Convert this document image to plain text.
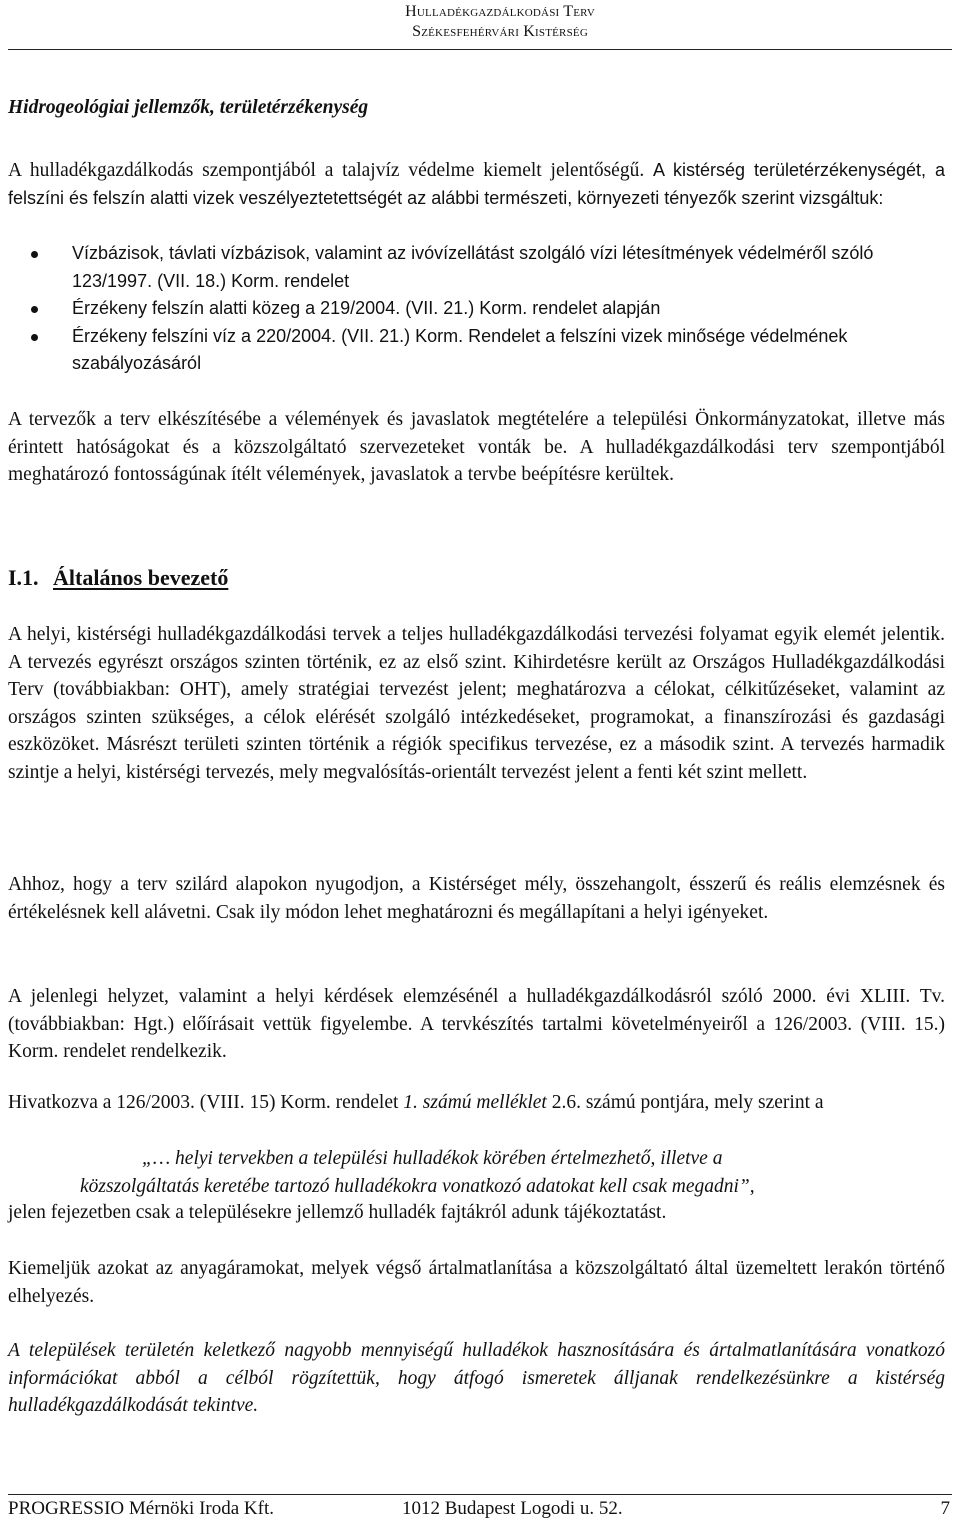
Hulladékgazdálkodási Terv
Székesfehérvári Kistérség
Hidrogeológiai jellemzők, területérzékenység

A hulladékgazdálkodás szempontjából a talajvíz védelme kiemelt jelentőségű. A kistérség területérzékenységét, a felszíni és felszín alatti vizek veszélyeztetettségét az alábbi természeti, környezeti tényezők szerint vizsgáltuk:

Vízbázisok, távlati vízbázisok, valamint az ivóvízellátást szolgáló vízi létesítmények védelméről szóló 123/1997. (VII. 18.) Korm. rendelet
Érzékeny felszín alatti közeg a 219/2004. (VII. 21.) Korm. rendelet alapján
Érzékeny felszíni víz a 220/2004. (VII. 21.) Korm. Rendelet a felszíni vizek minősége védelmének szabályozásáról

A tervezők a terv elkészítésébe a vélemények és javaslatok megtételére a települési Önkormányzatokat, illetve más érintett hatóságokat és a közszolgáltató szervezeteket vonták be. A hulladékgazdálkodási terv szempontjából meghatározó fontosságúnak ítélt vélemények, javaslatok a tervbe beépítésre kerültek.

I.1. Általános bevezető

A helyi, kistérségi hulladékgazdálkodási tervek a teljes hulladékgazdálkodási tervezési folyamat egyik elemét jelentik. A tervezés egyrészt országos szinten történik, ez az első szint. Kihirdetésre került az Országos Hulladékgazdálkodási Terv (továbbiakban: OHT), amely stratégiai tervezést jelent; meghatározva a célokat, célkitűzéseket, valamint az országos szinten szükséges, a célok elérését szolgáló intézkedéseket, programokat, a finanszírozási és gazdasági eszközöket. Másrészt területi szinten történik a régiók specifikus tervezése, ez a második szint. A tervezés harmadik szintje a helyi, kistérségi tervezés, mely megvalósítás-orientált tervezést jelent a fenti két szint mellett.

Ahhoz, hogy a terv szilárd alapokon nyugodjon, a Kistérséget mély, összehangolt, ésszerű és reális elemzésnek és értékelésnek kell alávetni. Csak ily módon lehet meghatározni és megállapítani a helyi igényeket.

A jelenlegi helyzet, valamint a helyi kérdések elemzésénél a hulladékgazdálkodásról szóló 2000. évi XLIII. Tv. (továbbiakban: Hgt.) előírásait vettük figyelembe. A tervkészítés tartalmi követelményeiről a 126/2003. (VIII. 15.) Korm. rendelet rendelkezik.

Hivatkozva a 126/2003. (VIII. 15) Korm. rendelet 1. számú melléklet 2.6. számú pontjára, mely szerint a

„… helyi tervekben a települési hulladékok körében értelmezhető, illetve a
közszolgáltatás keretébe tartozó hulladékokra vonatkozó adatokat kell csak megadni”,

jelen fejezetben csak a településekre jellemző hulladék fajtákról adunk tájékoztatást.

Kiemeljük azokat az anyagáramokat, melyek végső ártalmatlanítása a közszolgáltató által üzemeltett lerakón történő elhelyezés.

A települések területén keletkező nagyobb mennyiségű hulladékok hasznosítására és ártalmatlanítására vonatkozó információkat abból a célból rögzítettük, hogy átfogó ismeretek álljanak rendelkezésünkre a kistérség hulladékgazdálkodását tekintve.

PROGRESSIO Mérnöki Iroda Kft.	1012 Budapest Logodi u. 52.	7
